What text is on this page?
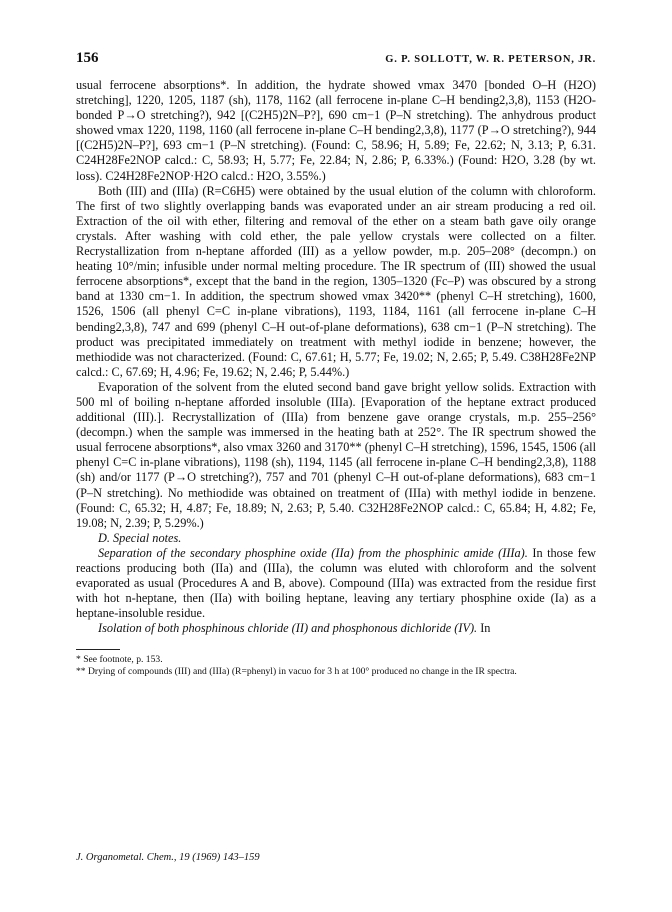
156	G. P. SOLLOTT, W. R. PETERSON, JR.

usual ferrocene absorptions*. In addition, the hydrate showed νmax 3470 [bonded O–H (H2O) stretching], 1220, 1205, 1187 (sh), 1178, 1162 (all ferrocene in-plane C–H bending2,3,8), 1153 (H2O-bonded P→O stretching?), 942 [(C2H5)2N–P?], 690 cm−1 (P–N stretching). The anhydrous product showed νmax 1220, 1198, 1160 (all ferrocene in-plane C–H bending2,3,8), 1177 (P→O stretching?), 944 [(C2H5)2N–P?], 693 cm−1 (P–N stretching). (Found: C, 58.96; H, 5.89; Fe, 22.62; N, 3.13; P, 6.31. C24H28Fe2NOP calcd.: C, 58.93; H, 5.77; Fe, 22.84; N, 2.86; P, 6.33%.) (Found: H2O, 3.28 (by wt. loss). C24H28Fe2NOP·H2O calcd.: H2O, 3.55%.)

Both (III) and (IIIa) (R=C6H5) were obtained by the usual elution of the column with chloroform. The first of two slightly overlapping bands was evaporated under an air stream producing a red oil. Extraction of the oil with ether, filtering and removal of the ether on a steam bath gave oily orange crystals. After washing with cold ether, the pale yellow crystals were collected on a filter. Recrystallization from n-heptane afforded (III) as a yellow powder, m.p. 205–208° (decompn.) on heating 10°/min; infusible under normal melting procedure. The IR spectrum of (III) showed the usual ferrocene absorptions*, except that the band in the region, 1305–1320 (Fc–P) was obscured by a strong band at 1330 cm−1. In addition, the spectrum showed νmax 3420** (phenyl C–H stretching), 1600, 1526, 1506 (all phenyl C=C in-plane vibrations), 1193, 1184, 1161 (all ferrocene in-plane C–H bending2,3,8), 747 and 699 (phenyl C–H out-of-plane deformations), 638 cm−1 (P–N stretching). The product was precipitated immediately on treatment with methyl iodide in benzene; however, the methiodide was not characterized. (Found: C, 67.61; H, 5.77; Fe, 19.02; N, 2.65; P, 5.49. C38H28Fe2NP calcd.: C, 67.69; H, 4.96; Fe, 19.62; N, 2.46; P, 5.44%.)

Evaporation of the solvent from the eluted second band gave bright yellow solids. Extraction with 500 ml of boiling n-heptane afforded insoluble (IIIa). [Evaporation of the heptane extract produced additional (III).]. Recrystallization of (IIIa) from benzene gave orange crystals, m.p. 255–256° (decompn.) when the sample was immersed in the heating bath at 252°. The IR spectrum showed the usual ferrocene absorptions*, also νmax 3260 and 3170** (phenyl C–H stretching), 1596, 1545, 1506 (all phenyl C=C in-plane vibrations), 1198 (sh), 1194, 1145 (all ferrocene in-plane C–H bending2,3,8), 1188 (sh) and/or 1177 (P→O stretching?), 757 and 701 (phenyl C–H out-of-plane deformations), 683 cm−1 (P–N stretching). No methiodide was obtained on treatment of (IIIa) with methyl iodide in benzene. (Found: C, 65.32; H, 4.87; Fe, 18.89; N, 2.63; P, 5.40. C32H28Fe2NOP calcd.: C, 65.84; H, 4.82; Fe, 19.08; N, 2.39; P, 5.29%.)

D. Special notes.

Separation of the secondary phosphine oxide (IIa) from the phosphinic amide (IIIa). In those few reactions producing both (IIa) and (IIIa), the column was eluted with chloroform and the solvent evaporated as usual (Procedures A and B, above). Compound (IIIa) was extracted from the residue first with hot n-heptane, then (IIa) with boiling heptane, leaving any tertiary phosphine oxide (Ia) as a heptane-insoluble residue.

Isolation of both phosphinous chloride (II) and phosphonous dichloride (IV). In

* See footnote, p. 153.

** Drying of compounds (III) and (IIIa) (R=phenyl) in vacuo for 3 h at 100° produced no change in the IR spectra.

J. Organometal. Chem., 19 (1969) 143–159
